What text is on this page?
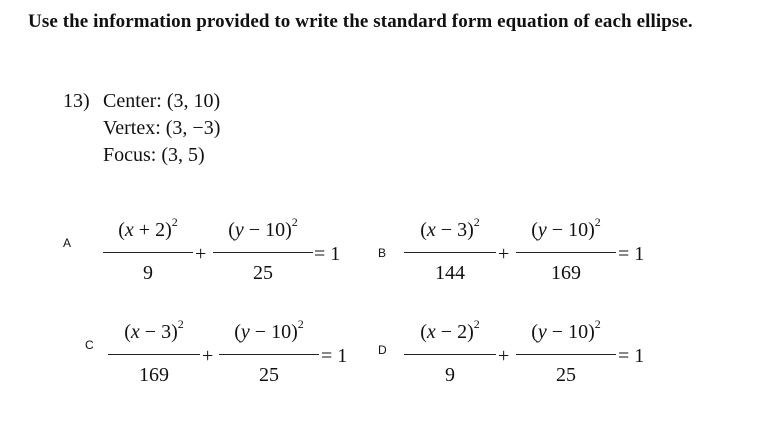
Use the information provided to write the standard form equation of each ellipse.
13) Center: (3, 10)
Vertex: (3, −3)
Focus: (3, 5)
A
$(x + 2)^2$
9
+
$(y - 10)^2$
25
= 1	B
$(x - 3)^2$
144
+
$(y - 10)^2$
169
= 1
C
$(x - 3)^2$
169
+
$(y - 10)^2$
25
= 1	D
$(x - 2)^2$
9
+
$(y - 10)^2$
25
= 1
